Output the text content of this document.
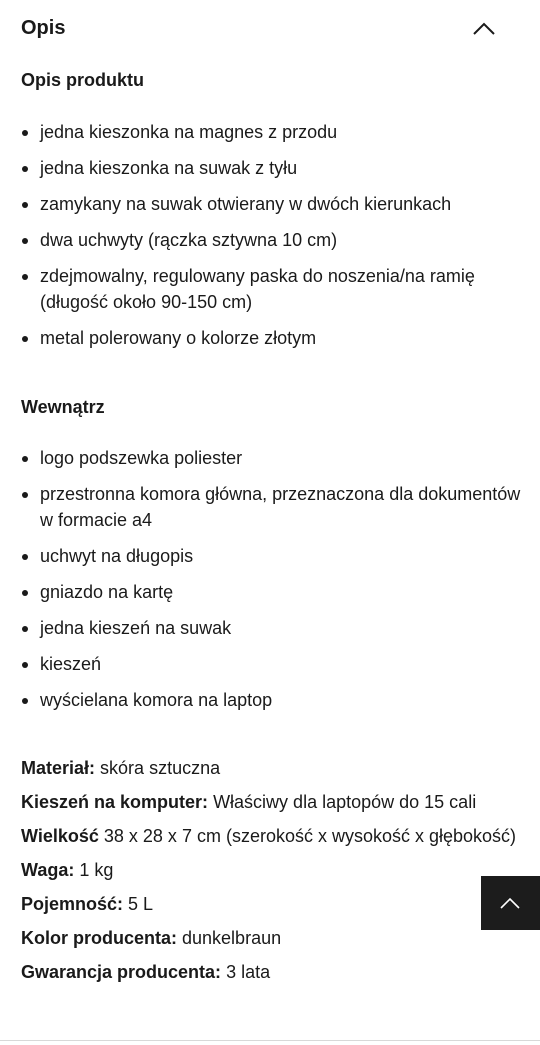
Opis
Opis produktu
jedna kieszonka na magnes z przodu
jedna kieszonka na suwak z tyłu
zamykany na suwak otwierany w dwóch kierunkach
dwa uchwyty (rączka sztywna 10 cm)
zdejmowalny, regulowany paska do noszenia/na ramię (długość około 90-150 cm)
metal polerowany o kolorze złotym
Wewnątrz
logo podszewka poliester
przestronna komora główna, przeznaczona dla dokumentów w formacie a4
uchwyt na długopis
gniazdo na kartę
jedna kieszeń na suwak
kieszeń
wyścielana komora na laptop
Materiał: skóra sztuczna
Kieszeń na komputer: Właściwy dla laptopów do 15 cali
Wielkość 38 x 28 x 7 cm (szerokość x wysokość x głębokość)
Waga: 1 kg
Pojemność: 5 L
Kolor producenta: dunkelbraun
Gwarancja producenta: 3 lata
